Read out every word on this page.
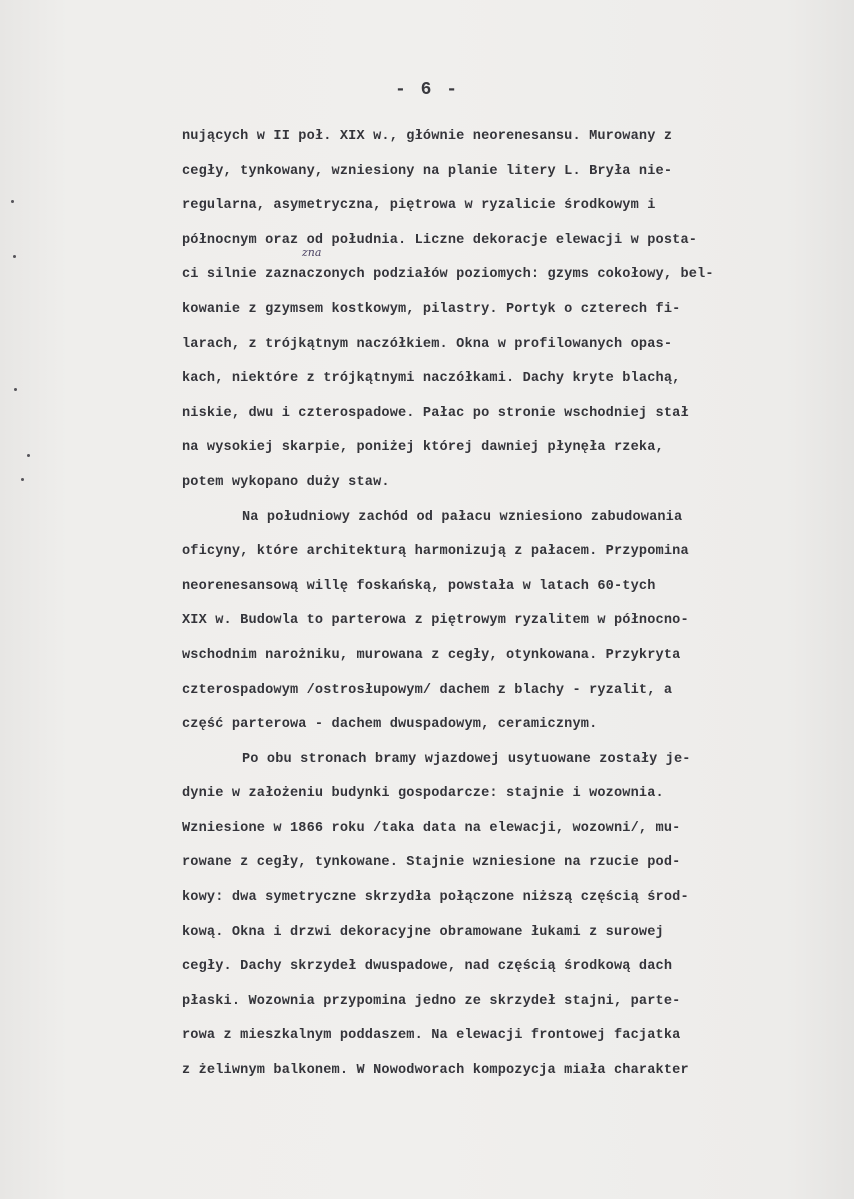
- 6 -
zna
nujących w II poł. XIX w., głównie neorenesansu. Murowany z
cegły, tynkowany, wzniesiony na planie litery L. Bryła nie-
regularna, asymetryczna, piętrowa w ryzalicie środkowym i
północnym oraz od południa. Liczne dekoracje elewacji w posta-
ci silnie zaznaczonych podziałów poziomych: gzyms cokołowy, bel-
kowanie z gzymsem kostkowym, pilastry. Portyk o czterech fi-
larach, z trójkątnym naczółkiem. Okna w profilowanych opas-
kach, niektóre z trójkątnymi naczółkami. Dachy kryte blachą,
niskie, dwu i czterospadowe. Pałac po stronie wschodniej stał
na wysokiej skarpie, poniżej której dawniej płynęła rzeka,
potem wykopano duży staw.
Na południowy zachód od pałacu wzniesiono zabudowania
oficyny, które architekturą harmonizują z pałacem. Przypomina
neorenesansową willę foskańską, powstała w latach 60-tych
XIX w. Budowla to parterowa z piętrowym ryzalitem w północno-
wschodnim narożniku, murowana z cegły, otynkowana. Przykryta
czterospadowym /ostrosłupowym/ dachem z blachy - ryzalit, a
część parterowa - dachem dwuspadowym, ceramicznym.
Po obu stronach bramy wjazdowej usytuowane zostały je-
dynie w założeniu budynki gospodarcze: stajnie i wozownia.
Wzniesione w 1866 roku /taka data na elewacji, wozowni/, mu-
rowane z cegły, tynkowane. Stajnie wzniesione na rzucie pod-
kowy: dwa symetryczne skrzydła połączone niższą częścią środ-
kową. Okna i drzwi dekoracyjne obramowane łukami z surowej
cegły. Dachy skrzydeł dwuspadowe, nad częścią środkową dach
płaski. Wozownia przypomina jedno ze skrzydeł stajni, parte-
rowa z mieszkalnym poddaszem. Na elewacji frontowej facjatka
z żeliwnym balkonem. W Nowodworach kompozycja miała charakter
